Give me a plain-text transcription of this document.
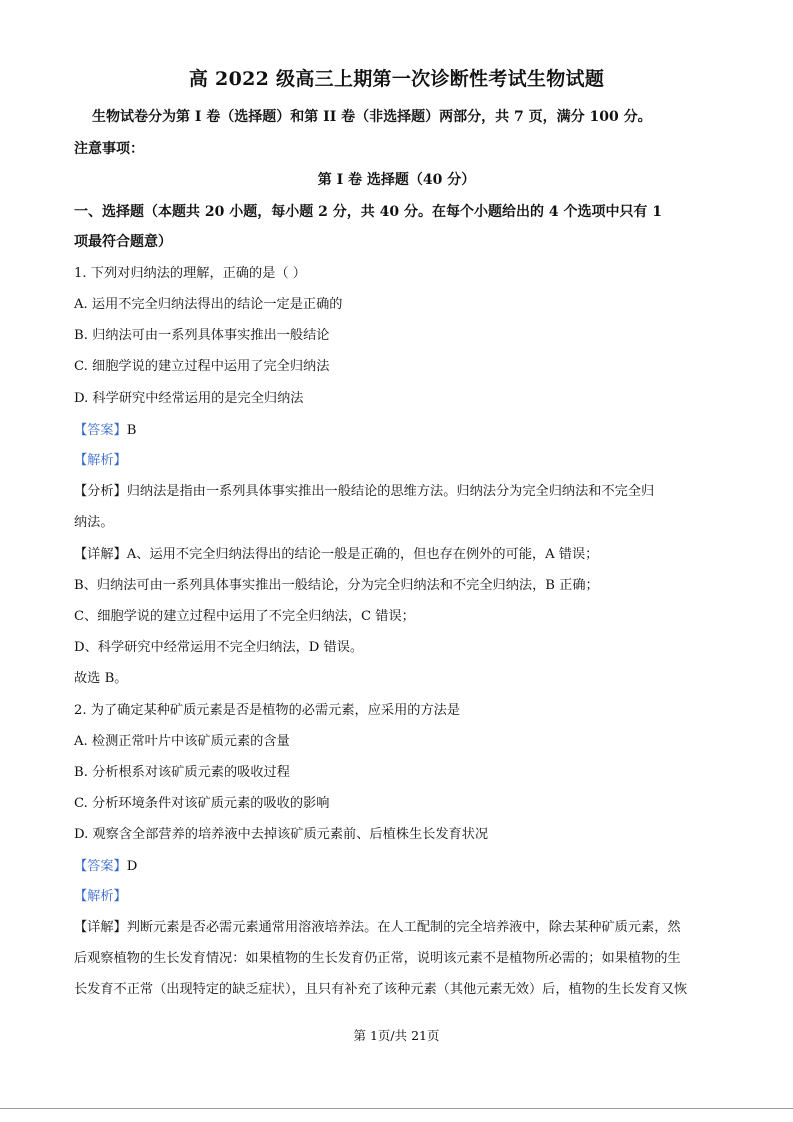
高 2022 级高三上期第一次诊断性考试生物试题
生物试卷分为第 I 卷（选择题）和第 II 卷（非选择题）两部分，共 7 页，满分 100 分。
注意事项：
第 I 卷 选择题（40 分）
一、选择题（本题共 20 小题，每小题 2 分，共 40 分。在每个小题给出的 4 个选项中只有 1
项最符合题意）
1. 下列对归纳法的理解，正确的是（ ）
A. 运用不完全归纳法得出的结论一定是正确的
B. 归纳法可由一系列具体事实推出一般结论
C. 细胞学说的建立过程中运用了完全归纳法
D. 科学研究中经常运用的是完全归纳法
【答案】B
【解析】
【分析】归纳法是指由一系列具体事实推出一般结论的思维方法。归纳法分为完全归纳法和不完全归
纳法。
【详解】A、运用不完全归纳法得出的结论一般是正确的，但也存在例外的可能，A 错误；
B、归纳法可由一系列具体事实推出一般结论，分为完全归纳法和不完全归纳法，B 正确；
C、细胞学说的建立过程中运用了不完全归纳法，C 错误；
D、科学研究中经常运用不完全归纳法，D 错误。
故选 B。
2. 为了确定某种矿质元素是否是植物的必需元素，应采用的方法是
A. 检测正常叶片中该矿质元素的含量
B. 分析根系对该矿质元素的吸收过程
C. 分析环境条件对该矿质元素的吸收的影响
D. 观察含全部营养的培养液中去掉该矿质元素前、后植株生长发育状况
【答案】D
【解析】
【详解】判断元素是否必需元素通常用溶液培养法。在人工配制的完全培养液中，除去某种矿质元素，然
后观察植物的生长发育情况：如果植物的生长发育仍正常，说明该元素不是植物所必需的；如果植物的生
长发育不正常（出现特定的缺乏症状），且只有补充了该种元素（其他元素无效）后，植物的生长发育又恢
第 1页/共 21页
